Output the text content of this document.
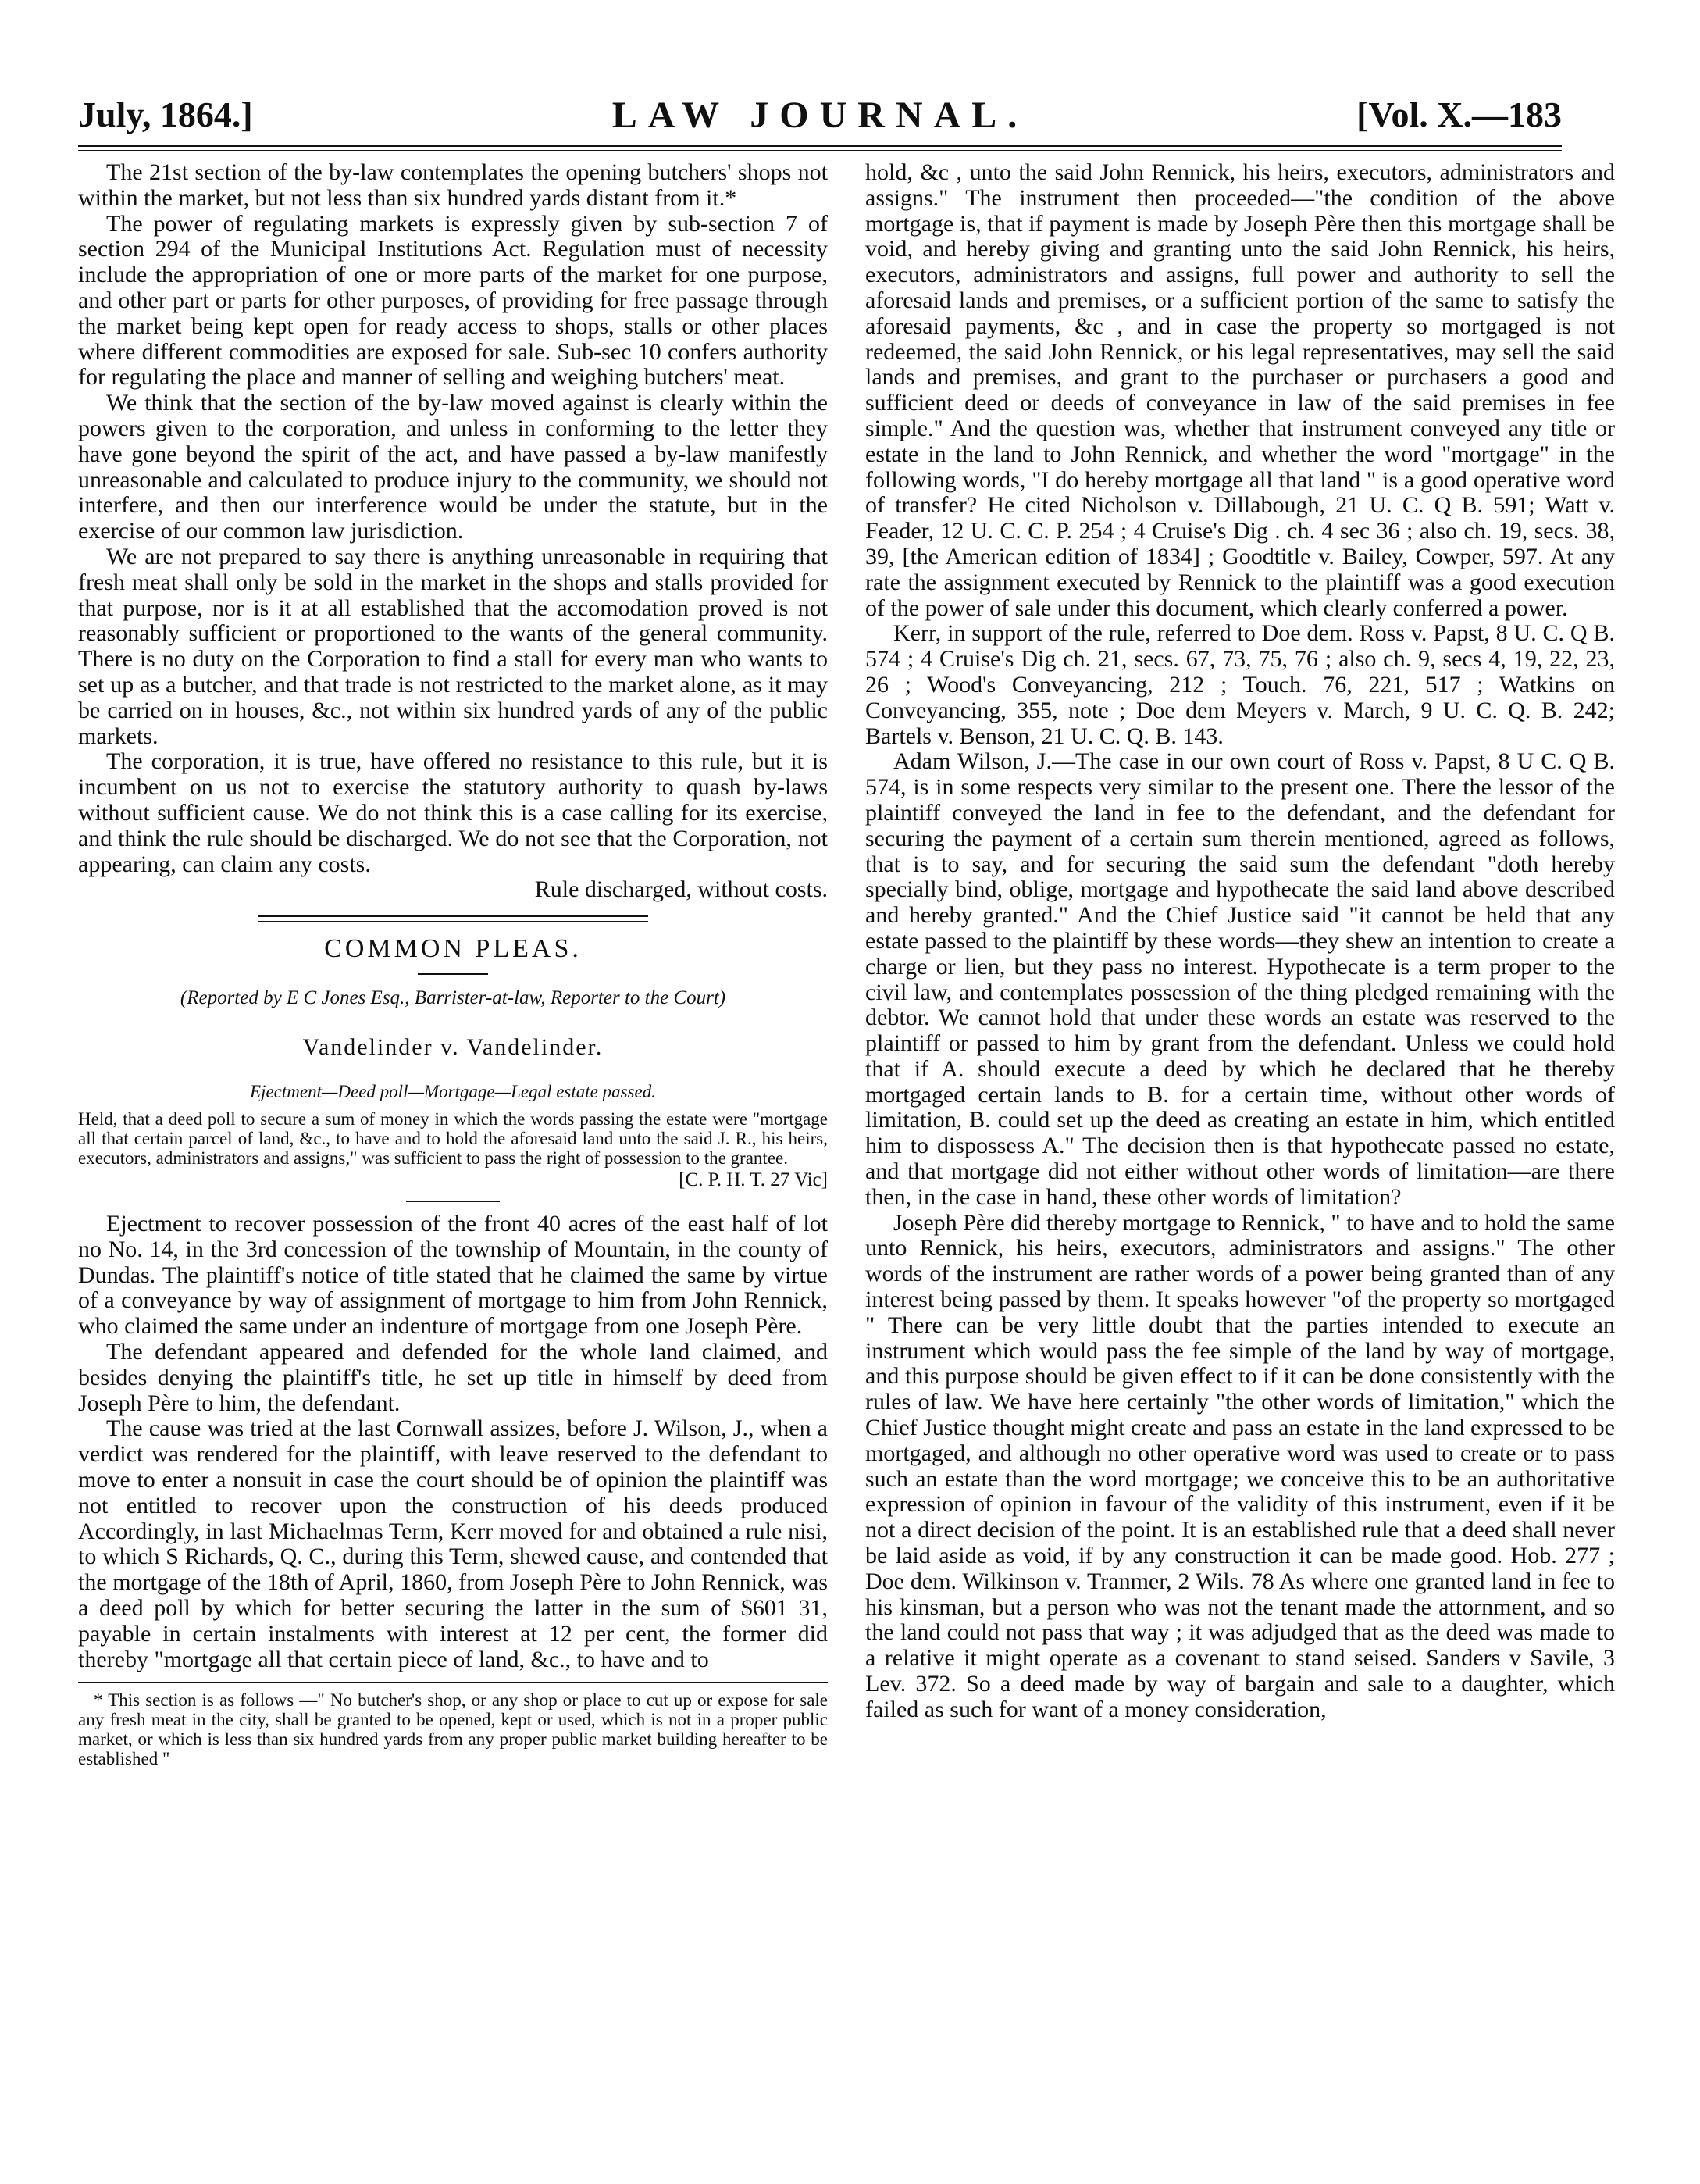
July, 1864.]	LAW JOURNAL.	[Vol. X.—183

The 21st section of the by-law contemplates the opening butchers' shops not within the market, but not less than six hundred yards distant from it.*

The power of regulating markets is expressly given by sub-section 7 of section 294 of the Municipal Institutions Act. Regulation must of necessity include the appropriation of one or more parts of the market for one purpose, and other part or parts for other purposes, of providing for free passage through the market being kept open for ready access to shops, stalls or other places where different commodities are exposed for sale. Sub-sec 10 confers authority for regulating the place and manner of selling and weighing butchers' meat.

We think that the section of the by-law moved against is clearly within the powers given to the corporation, and unless in conforming to the letter they have gone beyond the spirit of the act, and have passed a by-law manifestly unreasonable and calculated to produce injury to the community, we should not interfere, and then our interference would be under the statute, but in the exercise of our common law jurisdiction.

We are not prepared to say there is anything unreasonable in requiring that fresh meat shall only be sold in the market in the shops and stalls provided for that purpose, nor is it at all established that the accomodation proved is not reasonably sufficient or proportioned to the wants of the general community. There is no duty on the Corporation to find a stall for every man who wants to set up as a butcher, and that trade is not restricted to the market alone, as it may be carried on in houses, &c., not within six hundred yards of any of the public markets.

The corporation, it is true, have offered no resistance to this rule, but it is incumbent on us not to exercise the statutory authority to quash by-laws without sufficient cause. We do not think this is a case calling for its exercise, and think the rule should be discharged. We do not see that the Corporation, not appearing, can claim any costs.

Rule discharged, without costs.

COMMON PLEAS.
(Reported by E C Jones Esq., Barrister-at-law, Reporter to the Court)
Vandelinder v. Vandelinder.
Ejectment—Deed poll—Mortgage—Legal estate passed.

Held, that a deed poll to secure a sum of money in which the words passing the estate were "mortgage all that certain parcel of land, &c., to have and to hold the aforesaid land unto the said J. R., his heirs, executors, administrators and assigns," was sufficient to pass the right of possession to the grantee.

[C. P. H. T. 27 Vic]

Ejectment to recover possession of the front 40 acres of the east half of lot no No. 14, in the 3rd concession of the township of Mountain, in the county of Dundas. The plaintiff's notice of title stated that he claimed the same by virtue of a conveyance by way of assignment of mortgage to him from John Rennick, who claimed the same under an indenture of mortgage from one Joseph Père.

The defendant appeared and defended for the whole land claimed, and besides denying the plaintiff's title, he set up title in himself by deed from Joseph Père to him, the defendant.

The cause was tried at the last Cornwall assizes, before J. Wilson, J., when a verdict was rendered for the plaintiff, with leave reserved to the defendant to move to enter a nonsuit in case the court should be of opinion the plaintiff was not entitled to recover upon the construction of his deeds produced Accordingly, in last Michaelmas Term, Kerr moved for and obtained a rule nisi, to which S Richards, Q. C., during this Term, shewed cause, and contended that the mortgage of the 18th of April, 1860, from Joseph Père to John Rennick, was a deed poll by which for better securing the latter in the sum of $601 31, payable in certain instalments with interest at 12 per cent, the former did thereby "mortgage all that certain piece of land, &c., to have and to

* This section is as follows —" No butcher's shop, or any shop or place to cut up or expose for sale any fresh meat in the city, shall be granted to be opened, kept or used, which is not in a proper public market, or which is less than six hundred yards from any proper public market building hereafter to be established "

hold, &c , unto the said John Rennick, his heirs, executors, administrators and assigns." The instrument then proceeded—"the condition of the above mortgage is, that if payment is made by Joseph Père then this mortgage shall be void, and hereby giving and granting unto the said John Rennick, his heirs, executors, administrators and assigns, full power and authority to sell the aforesaid lands and premises, or a sufficient portion of the same to satisfy the aforesaid payments, &c , and in case the property so mortgaged is not redeemed, the said John Rennick, or his legal representatives, may sell the said lands and premises, and grant to the purchaser or purchasers a good and sufficient deed or deeds of conveyance in law of the said premises in fee simple." And the question was, whether that instrument conveyed any title or estate in the land to John Rennick, and whether the word "mortgage" in the following words, "I do hereby mortgage all that land " is a good operative word of transfer? He cited Nicholson v. Dillabough, 21 U. C. Q B. 591; Watt v. Feader, 12 U. C. C. P. 254 ; 4 Cruise's Dig . ch. 4 sec 36 ; also ch. 19, secs. 38, 39, [the American edition of 1834] ; Goodtitle v. Bailey, Cowper, 597. At any rate the assignment executed by Rennick to the plaintiff was a good execution of the power of sale under this document, which clearly conferred a power.

Kerr, in support of the rule, referred to Doe dem. Ross v. Papst, 8 U. C. Q B. 574 ; 4 Cruise's Dig ch. 21, secs. 67, 73, 75, 76 ; also ch. 9, secs 4, 19, 22, 23, 26 ; Wood's Conveyancing, 212 ; Touch. 76, 221, 517 ; Watkins on Conveyancing, 355, note ; Doe dem Meyers v. March, 9 U. C. Q. B. 242; Bartels v. Benson, 21 U. C. Q. B. 143.

Adam Wilson, J.—The case in our own court of Ross v. Papst, 8 U C. Q B. 574, is in some respects very similar to the present one. There the lessor of the plaintiff conveyed the land in fee to the defendant, and the defendant for securing the payment of a certain sum therein mentioned, agreed as follows, that is to say, and for securing the said sum the defendant "doth hereby specially bind, oblige, mortgage and hypothecate the said land above described and hereby granted." And the Chief Justice said "it cannot be held that any estate passed to the plaintiff by these words—they shew an intention to create a charge or lien, but they pass no interest. Hypothecate is a term proper to the civil law, and contemplates possession of the thing pledged remaining with the debtor. We cannot hold that under these words an estate was reserved to the plaintiff or passed to him by grant from the defendant. Unless we could hold that if A. should execute a deed by which he declared that he thereby mortgaged certain lands to B. for a certain time, without other words of limitation, B. could set up the deed as creating an estate in him, which entitled him to dispossess A." The decision then is that hypothecate passed no estate, and that mortgage did not either without other words of limitation—are there then, in the case in hand, these other words of limitation?

Joseph Père did thereby mortgage to Rennick, " to have and to hold the same unto Rennick, his heirs, executors, administrators and assigns." The other words of the instrument are rather words of a power being granted than of any interest being passed by them. It speaks however "of the property so mortgaged " There can be very little doubt that the parties intended to execute an instrument which would pass the fee simple of the land by way of mortgage, and this purpose should be given effect to if it can be done consistently with the rules of law. We have here certainly "the other words of limitation," which the Chief Justice thought might create and pass an estate in the land expressed to be mortgaged, and although no other operative word was used to create or to pass such an estate than the word mortgage; we conceive this to be an authoritative expression of opinion in favour of the validity of this instrument, even if it be not a direct decision of the point. It is an established rule that a deed shall never be laid aside as void, if by any construction it can be made good. Hob. 277 ; Doe dem. Wilkinson v. Tranmer, 2 Wils. 78 As where one granted land in fee to his kinsman, but a person who was not the tenant made the attornment, and so the land could not pass that way ; it was adjudged that as the deed was made to a relative it might operate as a covenant to stand seised. Sanders v Savile, 3 Lev. 372. So a deed made by way of bargain and sale to a daughter, which failed as such for want of a money consideration,
